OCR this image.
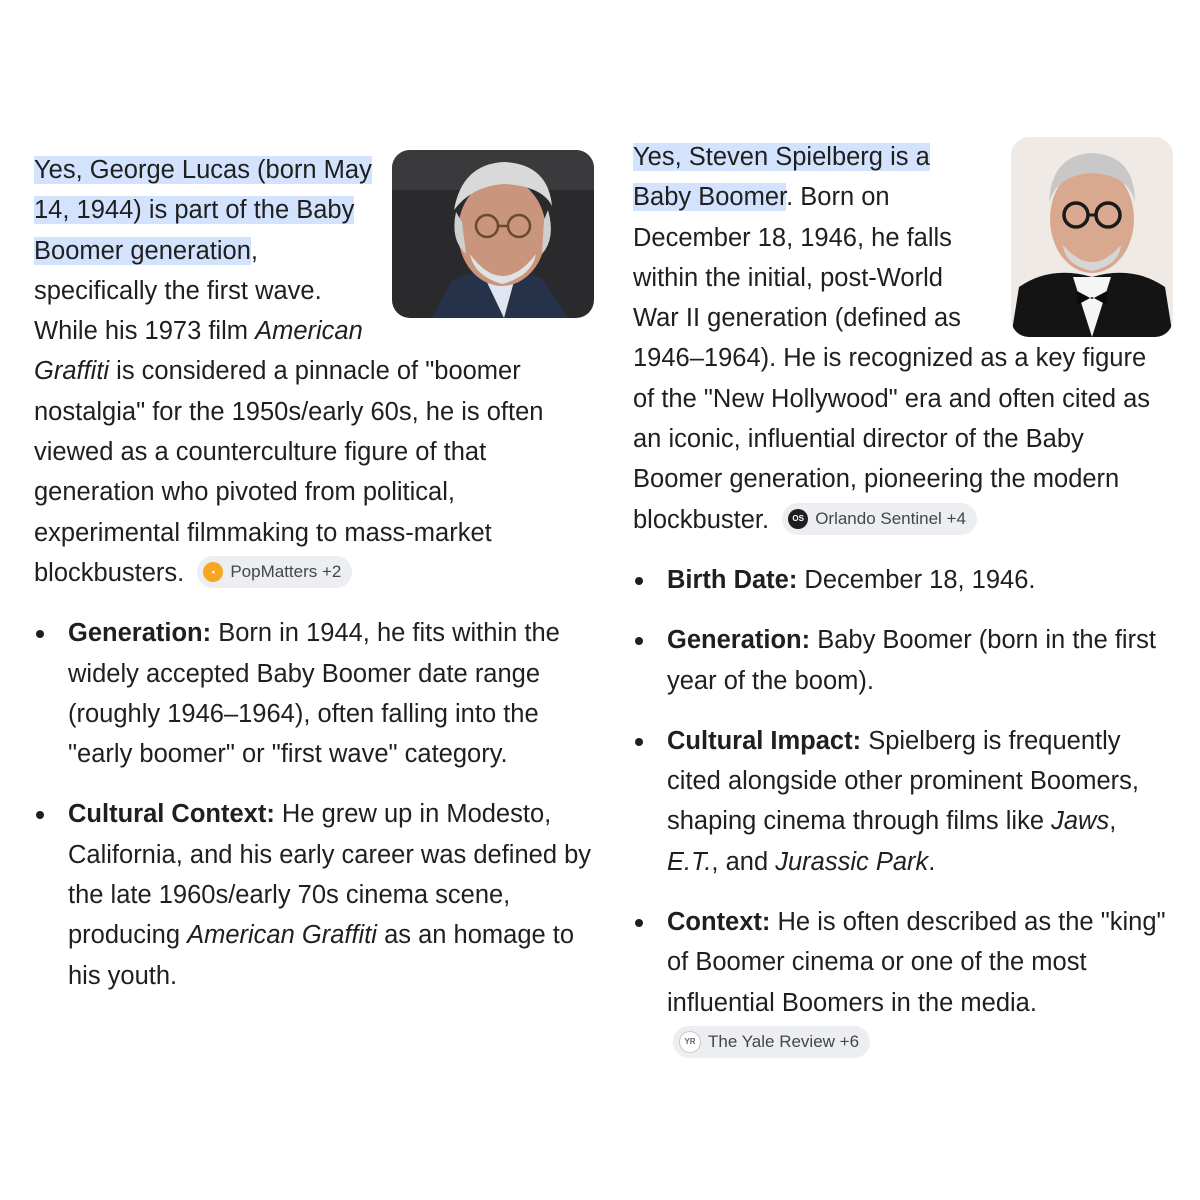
Yes, George Lucas (born May 14, 1944) is part of the Baby Boomer generation, specifically the first wave. While his 1973 film American Graffiti is considered a pinnacle of "boomer nostalgia" for the 1950s/early 60s, he is often viewed as a counterculture figure of that generation who pivoted from political, experimental filmmaking to mass-market blockbusters.	▪ PopMatters +2

Generation: Born in 1944, he fits within the widely accepted Baby Boomer date range (roughly 1946–1964), often falling into the "early boomer" or "first wave" category.
Cultural Context: He grew up in Modesto, California, and his early career was defined by the late 1960s/early 70s cinema scene, producing American Graffiti as an homage to his youth.

Yes, Steven Spielberg is a Baby Boomer. Born on December 18, 1946, he falls within the initial, post-World War II generation (defined as 1946–1964). He is recognized as a key figure of the "New Hollywood" era and often cited as an iconic, influential director of the Baby Boomer generation, pioneering the modern blockbuster.	OS Orlando Sentinel +4

Birth Date: December 18, 1946.
Generation: Baby Boomer (born in the first year of the boom).
Cultural Impact: Spielberg is frequently cited alongside other prominent Boomers, shaping cinema through films like Jaws, E.T., and Jurassic Park.
Context: He is often described as the "king" of Boomer cinema or one of the most influential Boomers in the media.
YR The Yale Review +6
